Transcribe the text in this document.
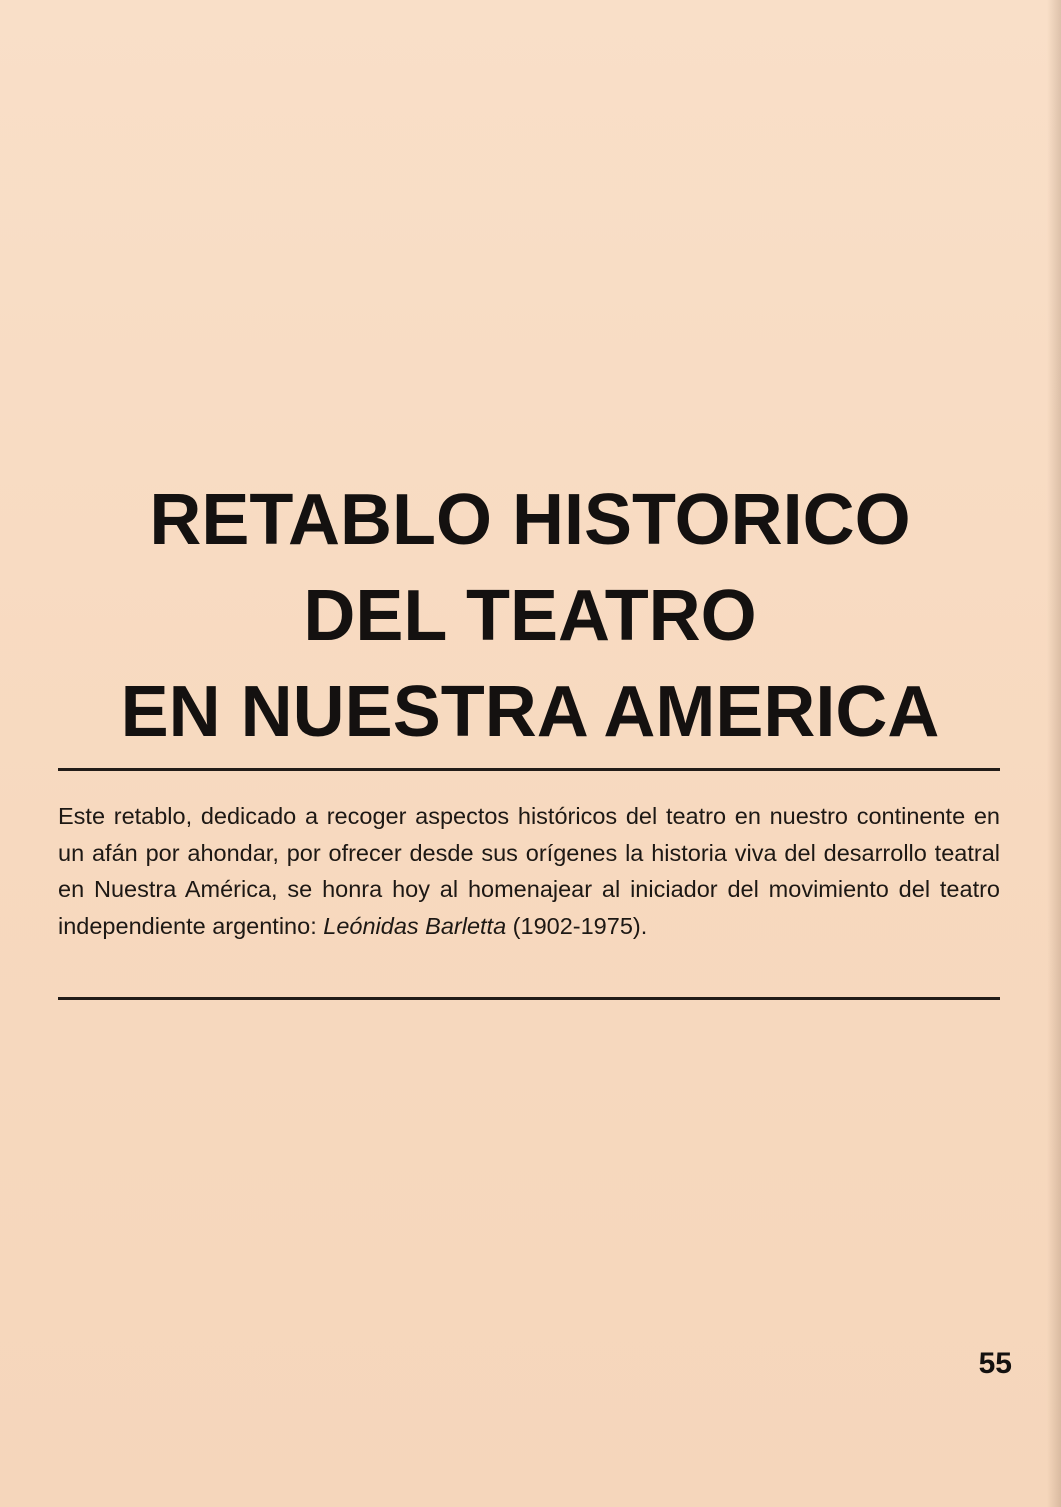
RETABLO HISTORICO
DEL TEATRO
EN NUESTRA AMERICA

Este retablo, dedicado a recoger aspectos históricos del teatro en nuestro continente en un afán por ahondar, por ofrecer desde sus orígenes la historia viva del desarrollo teatral en Nuestra América, se honra hoy al homenajear al iniciador del movimiento del teatro independiente argentino: Leónidas Barletta (1902-1975).

55
